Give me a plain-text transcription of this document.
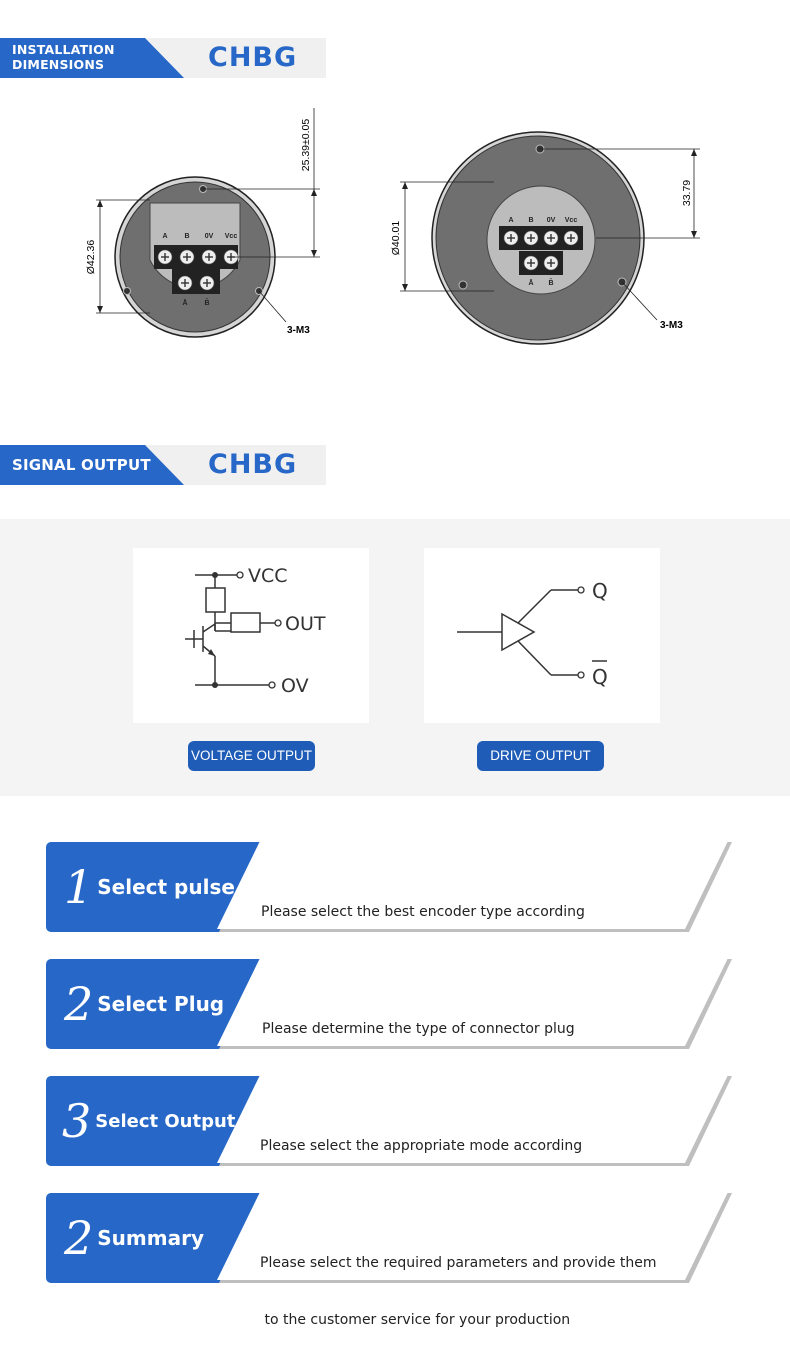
INSTALLATION
DIMENSIONS	CHBG
A B 0V Vcc
Ā B̄
Ø42.36
25.39±0.05
3-M3
A B 0V Vcc
Ā B̄
Ø40.01
33.79
3-M3
SIGNAL OUTPUT CHBG
VCC
OUT
OV
Q
Q
VOLTAGE OUTPUT	DRIVE OUTPUT
1 Select pulse

Please select the best encoder type according

2 Select Plug

Please determine the type of connector plug

3 Select Output

Please select the appropriate mode according

2 Summary

Please select the required parameters and provide them

to the customer service for your production
